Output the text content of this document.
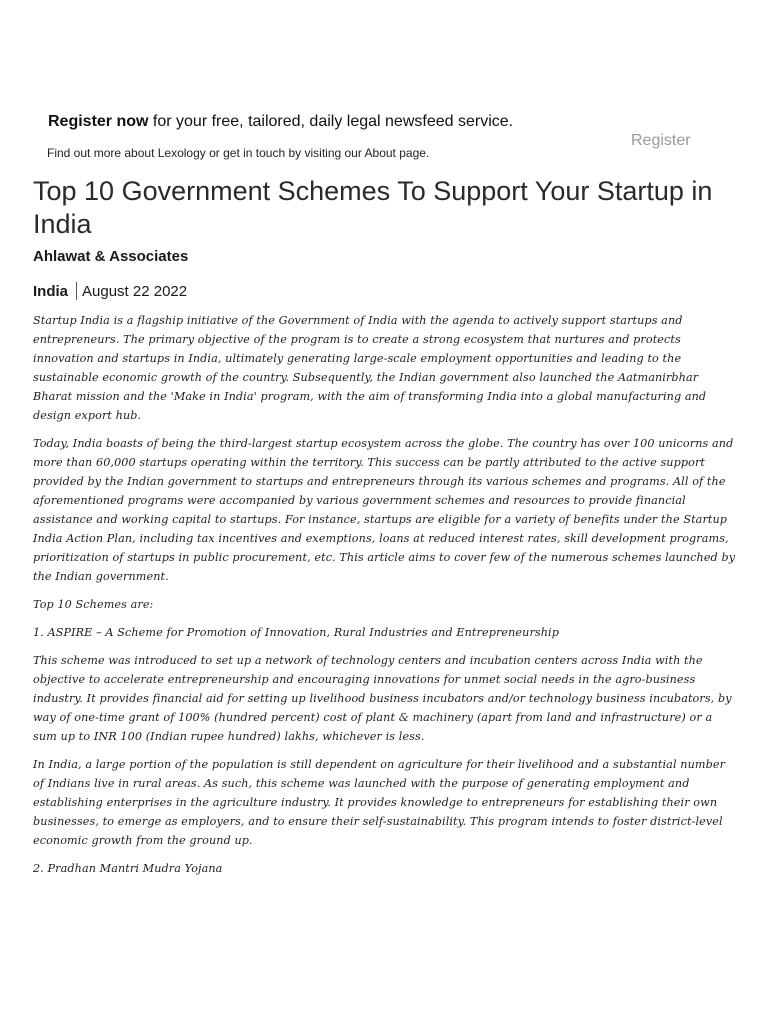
Register now for your free, tailored, daily legal newsfeed service.
Find out more about Lexology or get in touch by visiting our About page.
Register
Top 10 Government Schemes To Support Your Startup in India
Ahlawat & Associates
India August 22 2022

Startup India is a flagship initiative of the Government of India with the agenda to actively support startups and entrepreneurs. The primary objective of the program is to create a strong ecosystem that nurtures and protects innovation and startups in India, ultimately generating large-scale employment opportunities and leading to the sustainable economic growth of the country. Subsequently, the Indian government also launched the Aatmanirbhar Bharat mission and the 'Make in India' program, with the aim of transforming India into a global manufacturing and design export hub.

Today, India boasts of being the third-largest startup ecosystem across the globe. The country has over 100 unicorns and more than 60,000 startups operating within the territory. This success can be partly attributed to the active support provided by the Indian government to startups and entrepreneurs through its various schemes and programs. All of the aforementioned programs were accompanied by various government schemes and resources to provide financial assistance and working capital to startups. For instance, startups are eligible for a variety of benefits under the Startup India Action Plan, including tax incentives and exemptions, loans at reduced interest rates, skill development programs, prioritization of startups in public procurement, etc. This article aims to cover few of the numerous schemes launched by the Indian government.

Top 10 Schemes are:

1. ASPIRE – A Scheme for Promotion of Innovation, Rural Industries and Entrepreneurship

This scheme was introduced to set up a network of technology centers and incubation centers across India with the objective to accelerate entrepreneurship and encouraging innovations for unmet social needs in the agro-business industry. It provides financial aid for setting up livelihood business incubators and/or technology business incubators, by way of one-time grant of 100% (hundred percent) cost of plant & machinery (apart from land and infrastructure) or a sum up to INR 100 (Indian rupee hundred) lakhs, whichever is less.

In India, a large portion of the population is still dependent on agriculture for their livelihood and a substantial number of Indians live in rural areas. As such, this scheme was launched with the purpose of generating employment and establishing enterprises in the agriculture industry. It provides knowledge to entrepreneurs for establishing their own businesses, to emerge as employers, and to ensure their self-sustainability. This program intends to foster district-level economic growth from the ground up.

2. Pradhan Mantri Mudra Yojana
